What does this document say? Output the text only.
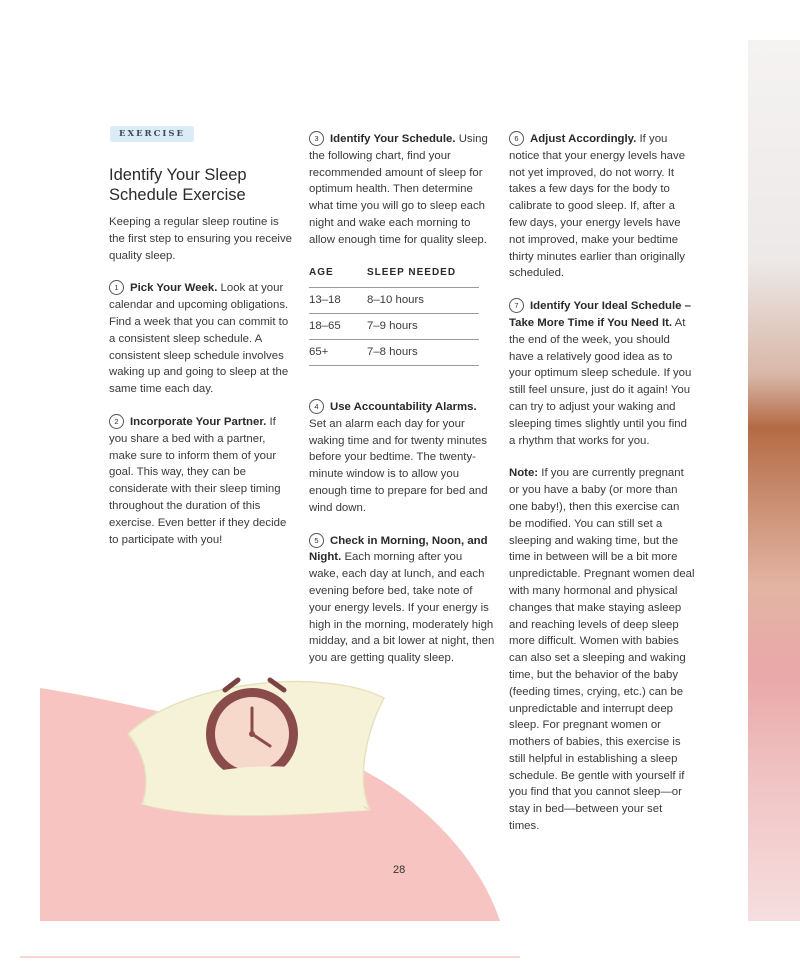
EXERCISE
Identify Your Sleep Schedule Exercise

Keeping a regular sleep routine is the first step to ensuring you receive quality sleep.

1 Pick Your Week. Look at your calendar and upcoming obligations. Find a week that you can commit to a consistent sleep schedule. A consistent sleep schedule involves waking up and going to sleep at the same time each day.

2 Incorporate Your Partner. If you share a bed with a partner, make sure to inform them of your goal. This way, they can be considerate with their sleep timing throughout the duration of this exercise. Even better if they decide to participate with you!

3 Identify Your Schedule. Using the following chart, find your recommended amount of sleep for optimum health. Then determine what time you will go to sleep each night and wake each morning to allow enough time for quality sleep.

AGE	SLEEP NEEDED
13–18	8–10 hours
18–65	7–9 hours
65+	7–8 hours

4 Use Accountability Alarms. Set an alarm each day for your waking time and for twenty minutes before your bedtime. The twenty-minute window is to allow you enough time to prepare for bed and wind down.

5 Check in Morning, Noon, and Night. Each morning after you wake, each day at lunch, and each evening before bed, take note of your energy levels. If your energy is high in the morning, moderately high midday, and a bit lower at night, then you are getting quality sleep.

6 Adjust Accordingly. If you notice that your energy levels have not yet improved, do not worry. It takes a few days for the body to calibrate to good sleep. If, after a few days, your energy levels have not improved, make your bedtime thirty minutes earlier than originally scheduled.

7 Identify Your Ideal Schedule – Take More Time if You Need It. At the end of the week, you should have a relatively good idea as to your optimum sleep schedule. If you still feel unsure, just do it again! You can try to adjust your waking and sleeping times slightly until you find a rhythm that works for you.

Note: If you are currently pregnant or you have a baby (or more than one baby!), then this exercise can be modified. You can still set a sleeping and waking time, but the time in between will be a bit more unpredictable. Pregnant women deal with many hormonal and physical changes that make staying asleep and reaching levels of deep sleep more difficult. Women with babies can also set a sleeping and waking time, but the behavior of the baby (feeding times, crying, etc.) can be unpredictable and interrupt deep sleep. For pregnant women or mothers of babies, this exercise is still helpful in establishing a sleep schedule. Be gentle with yourself if you find that you cannot sleep—or stay in bed—between your set times.

28
